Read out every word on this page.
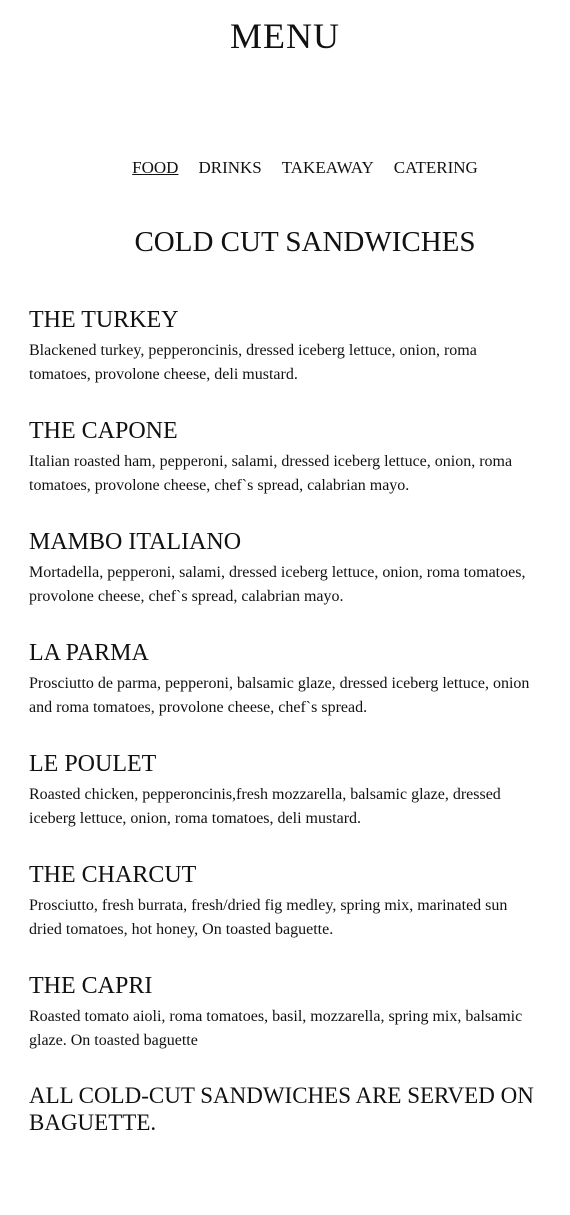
MENU
FOOD DRINKS TAKEAWAY CATERING
COLD CUT SANDWICHES
THE TURKEY

Blackened turkey, pepperoncinis, dressed iceberg lettuce, onion, roma tomatoes, provolone cheese, deli mustard.

THE CAPONE

Italian roasted ham, pepperoni, salami, dressed iceberg lettuce, onion, roma tomatoes, provolone cheese, chef`s spread, calabrian mayo.

MAMBO ITALIANO

Mortadella, pepperoni, salami, dressed iceberg lettuce, onion, roma tomatoes, provolone cheese, chef`s spread, calabrian mayo.

LA PARMA

Prosciutto de parma, pepperoni, balsamic glaze, dressed iceberg lettuce, onion and roma tomatoes, provolone cheese, chef`s spread.

LE POULET

Roasted chicken, pepperoncinis,fresh mozzarella, balsamic glaze, dressed iceberg lettuce, onion, roma tomatoes, deli mustard.

THE CHARCUT

Prosciutto, fresh burrata, fresh/dried fig medley, spring mix, marinated sun dried tomatoes, hot honey, On toasted baguette.

THE CAPRI

Roasted tomato aioli, roma tomatoes, basil, mozzarella, spring mix, balsamic glaze. On toasted baguette

ALL COLD-CUT SANDWICHES ARE SERVED ON BAGUETTE.
